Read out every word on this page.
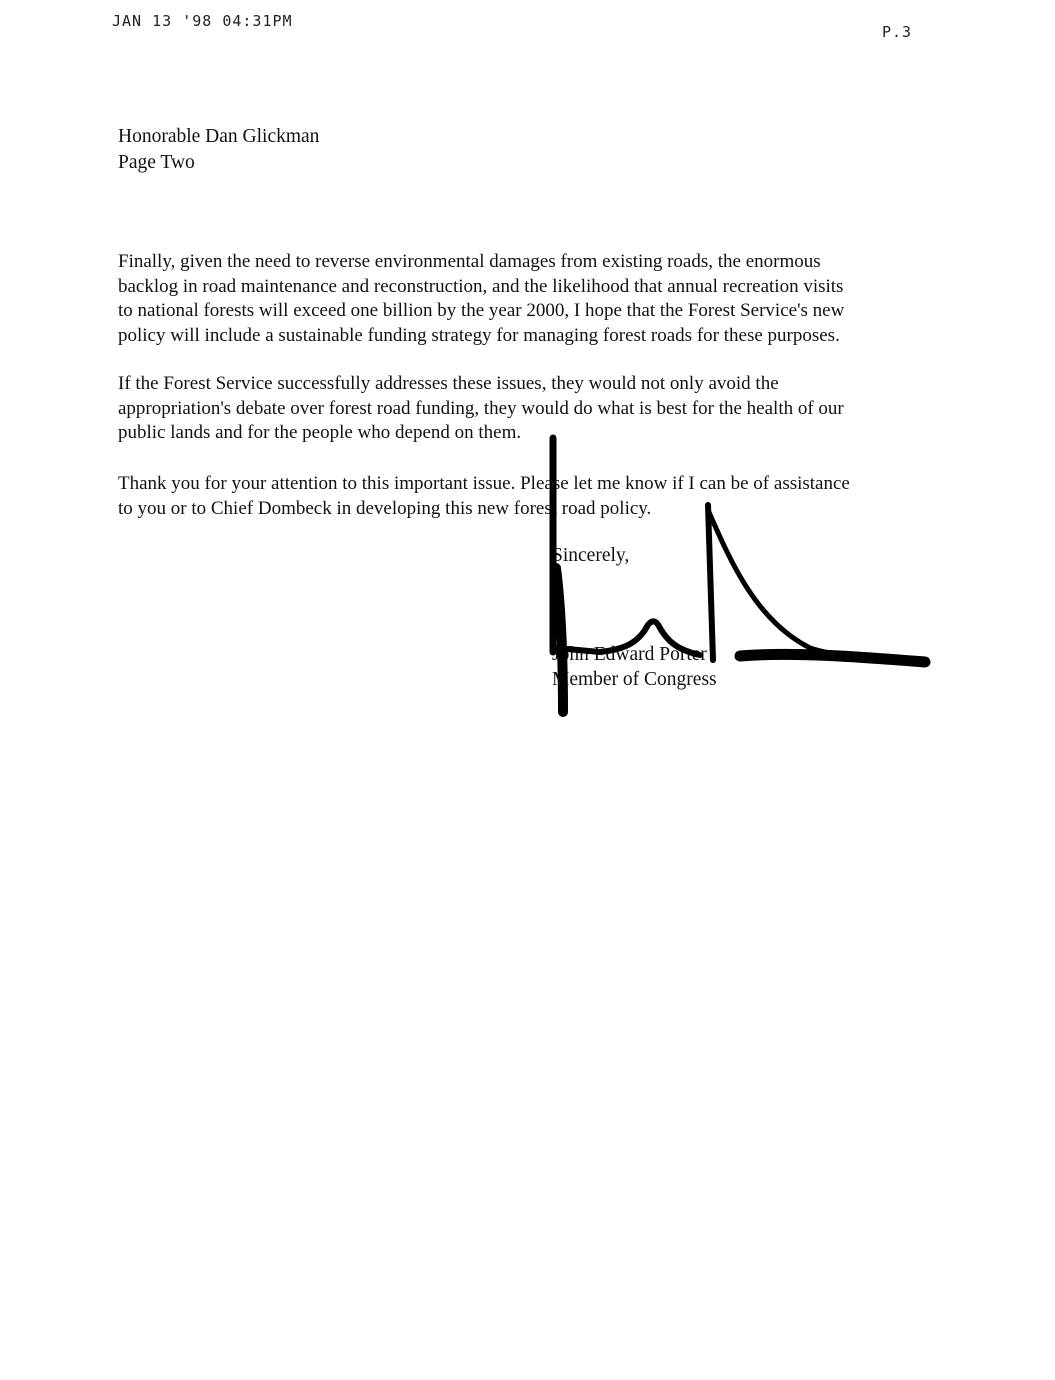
JAN 13 '98 04:31PM
P.3
Honorable Dan Glickman
Page Two

Finally, given the need to reverse environmental damages from existing roads, the enormous
backlog in road maintenance and reconstruction, and the likelihood that annual recreation visits
to national forests will exceed one billion by the year 2000, I hope that the Forest Service's new
policy will include a sustainable funding strategy for managing forest roads for these purposes.

If the Forest Service successfully addresses these issues, they would not only avoid the
appropriation's debate over forest road funding, they would do what is best for the health of our
public lands and for the people who depend on them.

Thank you for your attention to this important issue. Please let me know if I can be of assistance
to you or to Chief Dombeck in developing this new forest road policy.

Sincerely,
John Edward Porter
Member of Congress
